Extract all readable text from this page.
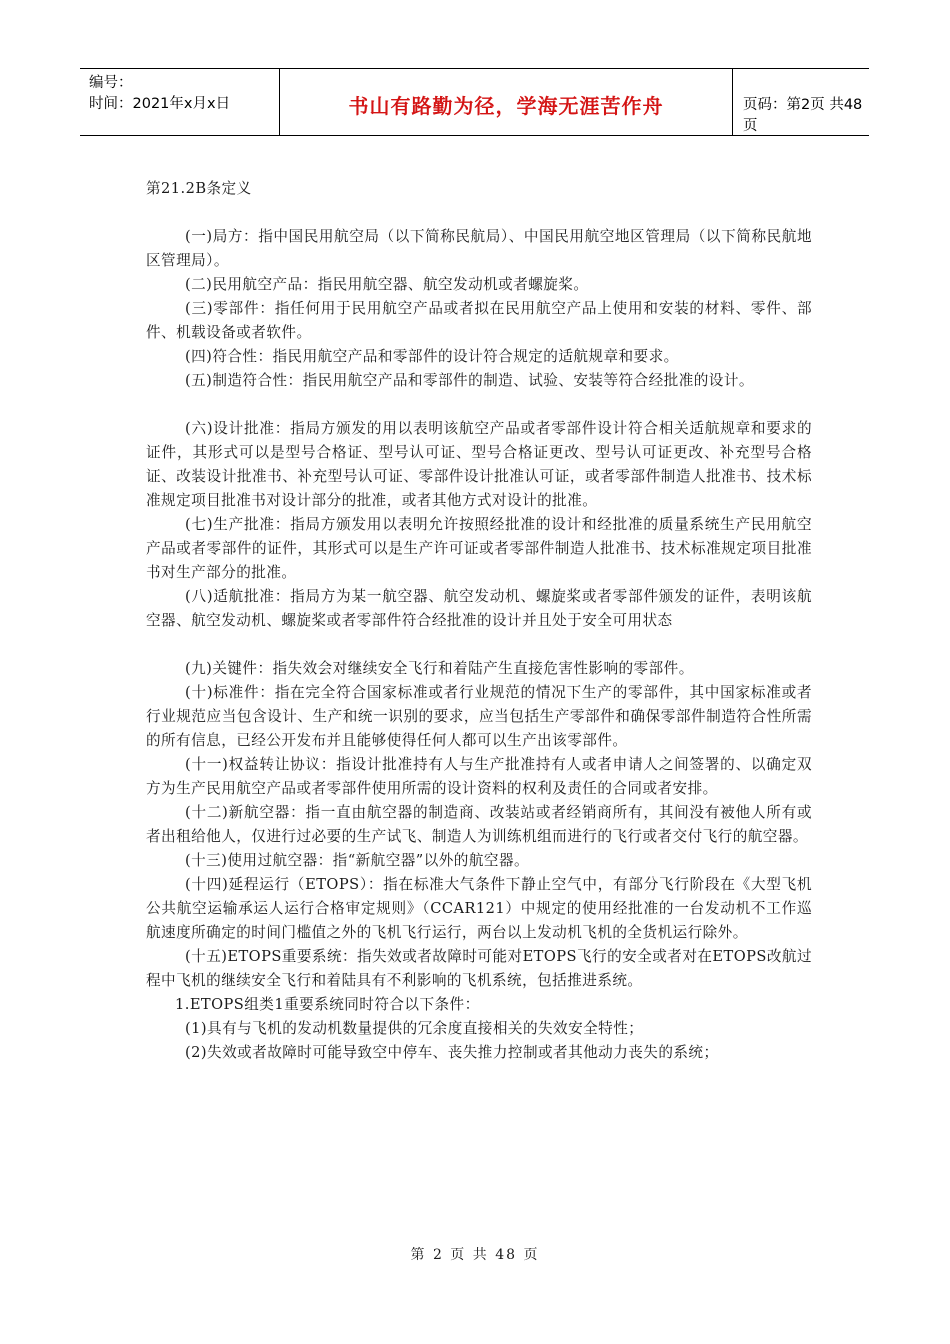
编号：
时间：2021年x月x日	书山有路勤为径，学海无涯苦作舟	页码：第2页 共48页

第21.2B条定义

(一)局方：指中国民用航空局（以下简称民航局）、中国民用航空地区管理局（以下简称民航地区管理局）。

(二)民用航空产品：指民用航空器、航空发动机或者螺旋桨。

(三)零部件：指任何用于民用航空产品或者拟在民用航空产品上使用和安装的材料、零件、部件、机载设备或者软件。

(四)符合性：指民用航空产品和零部件的设计符合规定的适航规章和要求。

(五)制造符合性：指民用航空产品和零部件的制造、试验、安装等符合经批准的设计。

(六)设计批准：指局方颁发的用以表明该航空产品或者零部件设计符合相关适航规章和要求的证件，其形式可以是型号合格证、型号认可证、型号合格证更改、型号认可证更改、补充型号合格证、改装设计批准书、补充型号认可证、零部件设计批准认可证，或者零部件制造人批准书、技术标准规定项目批准书对设计部分的批准，或者其他方式对设计的批准。

(七)生产批准：指局方颁发用以表明允许按照经批准的设计和经批准的质量系统生产民用航空产品或者零部件的证件，其形式可以是生产许可证或者零部件制造人批准书、技术标准规定项目批准书对生产部分的批准。

(八)适航批准：指局方为某一航空器、航空发动机、螺旋桨或者零部件颁发的证件，表明该航空器、航空发动机、螺旋桨或者零部件符合经批准的设计并且处于安全可用状态

(九)关键件：指失效会对继续安全飞行和着陆产生直接危害性影响的零部件。

(十)标准件：指在完全符合国家标准或者行业规范的情况下生产的零部件，其中国家标准或者行业规范应当包含设计、生产和统一识别的要求，应当包括生产零部件和确保零部件制造符合性所需的所有信息，已经公开发布并且能够使得任何人都可以生产出该零部件。

(十一)权益转让协议：指设计批准持有人与生产批准持有人或者申请人之间签署的、以确定双方为生产民用航空产品或者零部件使用所需的设计资料的权利及责任的合同或者安排。

(十二)新航空器：指一直由航空器的制造商、改装站或者经销商所有，其间没有被他人所有或者出租给他人，仅进行过必要的生产试飞、制造人为训练机组而进行的飞行或者交付飞行的航空器。

(十三)使用过航空器：指“新航空器”以外的航空器。

(十四)延程运行（ETOPS）：指在标准大气条件下静止空气中，有部分飞行阶段在《大型飞机公共航空运输承运人运行合格审定规则》（CCAR121）中规定的使用经批准的一台发动机不工作巡航速度所确定的时间门槛值之外的飞机飞行运行，两台以上发动机飞机的全货机运行除外。

(十五)ETOPS重要系统：指失效或者故障时可能对ETOPS飞行的安全或者对在ETOPS改航过程中飞机的继续安全飞行和着陆具有不利影响的飞机系统，包括推进系统。

1.ETOPS组类1重要系统同时符合以下条件：

(1)具有与飞机的发动机数量提供的冗余度直接相关的失效安全特性；

(2)失效或者故障时可能导致空中停车、丧失推力控制或者其他动力丧失的系统；

第 2 页 共 48 页
